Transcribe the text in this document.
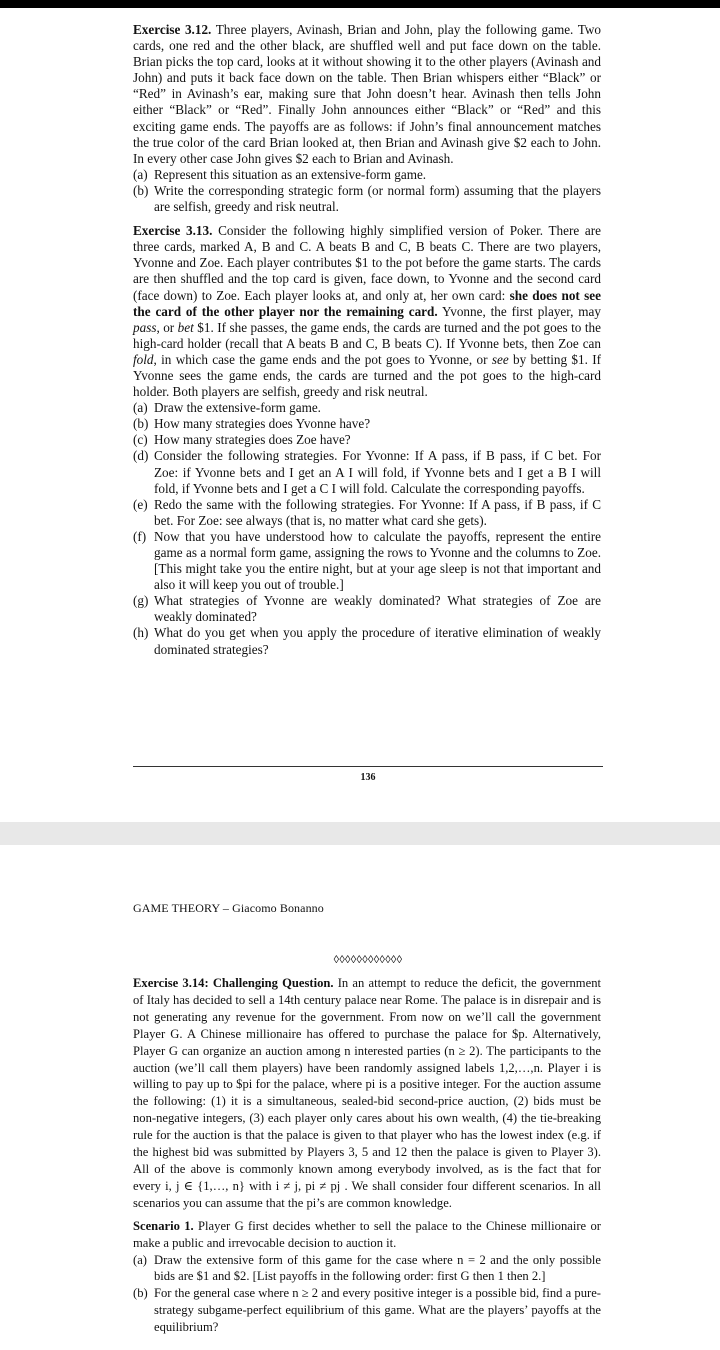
Exercise 3.12. Three players, Avinash, Brian and John, play the following game. Two cards, one red and the other black, are shuffled well and put face down on the table. Brian picks the top card, looks at it without showing it to the other players (Avinash and John) and puts it back face down on the table. Then Brian whispers either “Black” or “Red” in Avinash’s ear, making sure that John doesn’t hear. Avinash then tells John either “Black” or “Red”. Finally John announces either “Black” or “Red” and this exciting game ends. The payoffs are as follows: if John’s final announcement matches the true color of the card Brian looked at, then Brian and Avinash give $2 each to John. In every other case John gives $2 each to Brian and Avinash.

(a) Represent this situation as an extensive-form game.
(b) Write the corresponding strategic form (or normal form) assuming that the players are selfish, greedy and risk neutral.

Exercise 3.13. Consider the following highly simplified version of Poker. There are three cards, marked A, B and C. A beats B and C, B beats C. There are two players, Yvonne and Zoe. Each player contributes $1 to the pot before the game starts. The cards are then shuffled and the top card is given, face down, to Yvonne and the second card (face down) to Zoe. Each player looks at, and only at, her own card: she does not see the card of the other player nor the remaining card. Yvonne, the first player, may pass, or bet $1. If she passes, the game ends, the cards are turned and the pot goes to the high-card holder (recall that A beats B and C, B beats C). If Yvonne bets, then Zoe can fold, in which case the game ends and the pot goes to Yvonne, or see by betting $1. If Yvonne sees the game ends, the cards are turned and the pot goes to the high-card holder. Both players are selfish, greedy and risk neutral.

(a) Draw the extensive-form game.
(b) How many strategies does Yvonne have?
(c) How many strategies does Zoe have?
(d) Consider the following strategies. For Yvonne: If A pass, if B pass, if C bet. For Zoe: if Yvonne bets and I get an A I will fold, if Yvonne bets and I get a B I will fold, if Yvonne bets and I get a C I will fold. Calculate the corresponding payoffs.
(e) Redo the same with the following strategies. For Yvonne: If A pass, if B pass, if C bet. For Zoe: see always (that is, no matter what card she gets).
(f) Now that you have understood how to calculate the payoffs, represent the entire game as a normal form game, assigning the rows to Yvonne and the columns to Zoe. [This might take you the entire night, but at your age sleep is not that important and also it will keep you out of trouble.]
(g) What strategies of Yvonne are weakly dominated? What strategies of Zoe are weakly dominated?
(h) What do you get when you apply the procedure of iterative elimination of weakly dominated strategies?
136
GAME THEORY – Giacomo Bonanno
◊◊◊◊◊◊◊◊◊◊◊◊

Exercise 3.14: Challenging Question. In an attempt to reduce the deficit, the government of Italy has decided to sell a 14th century palace near Rome. The palace is in disrepair and is not generating any revenue for the government. From now on we’ll call the government Player G. A Chinese millionaire has offered to purchase the palace for $p. Alternatively, Player G can organize an auction among n interested parties (n ≥ 2). The participants to the auction (we’ll call them players) have been randomly assigned labels 1,2,…,n. Player i is willing to pay up to $pi for the palace, where pi is a positive integer. For the auction assume the following: (1) it is a simultaneous, sealed-bid second-price auction, (2) bids must be non-negative integers, (3) each player only cares about his own wealth, (4) the tie-breaking rule for the auction is that the palace is given to that player who has the lowest index (e.g. if the highest bid was submitted by Players 3, 5 and 12 then the palace is given to Player 3). All of the above is commonly known among everybody involved, as is the fact that for every i, j ∈ {1,…, n} with i ≠ j, pi ≠ pj . We shall consider four different scenarios. In all scenarios you can assume that the pi’s are common knowledge.

Scenario 1. Player G first decides whether to sell the palace to the Chinese millionaire or make a public and irrevocable decision to auction it.

(a) Draw the extensive form of this game for the case where n = 2 and the only possible bids are $1 and $2. [List payoffs in the following order: first G then 1 then 2.]
(b) For the general case where n ≥ 2 and every positive integer is a possible bid, find a pure-strategy subgame-perfect equilibrium of this game. What are the players’ payoffs at the equilibrium?
